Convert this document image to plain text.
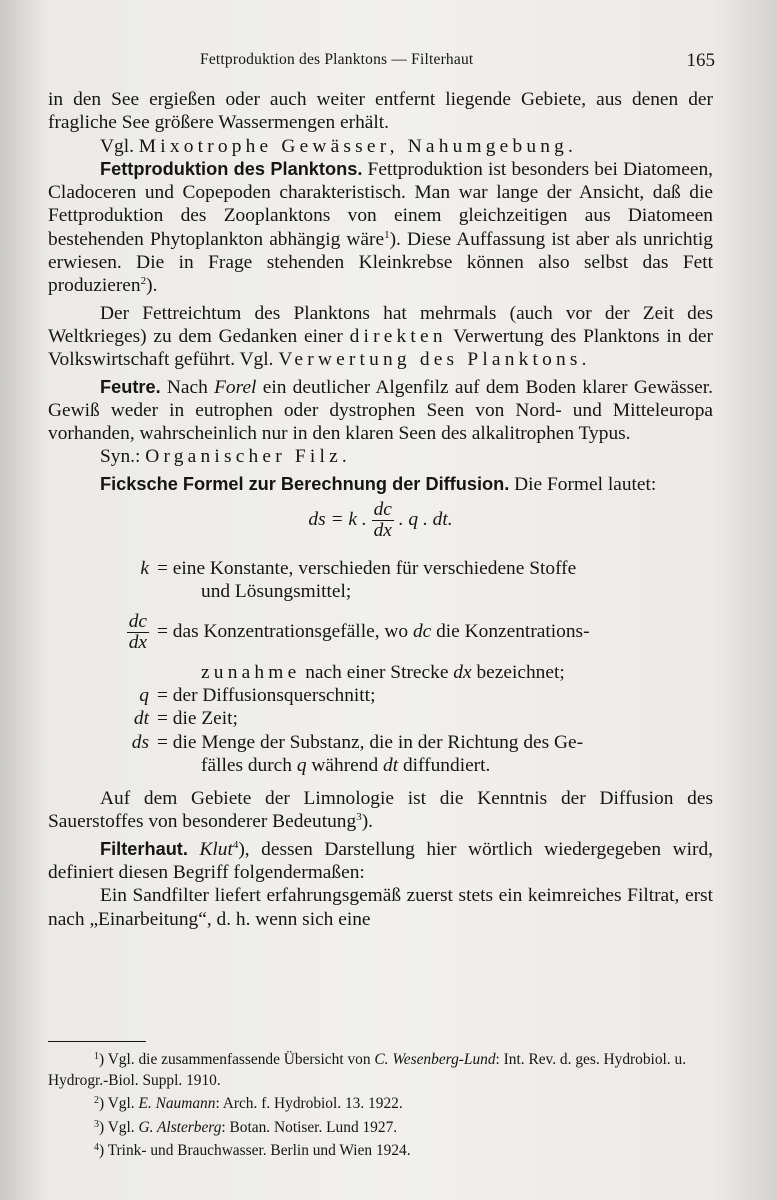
Fettproduktion des Planktons — Filterhaut	165

in den See ergießen oder auch weiter entfernt liegende Gebiete, aus denen der fragliche See größere Wassermengen erhält.

Vgl. Mixotrophe Gewässer, Nahumgebung.

Fettproduktion des Planktons. Fettproduktion ist besonders bei Diatomeen, Cladoceren und Copepoden charakteristisch. Man war lange der Ansicht, daß die Fettproduktion des Zooplanktons von einem gleichzeitigen aus Diatomeen bestehenden Phytoplankton abhängig wäre$^1$). Diese Auffassung ist aber als unrichtig erwiesen. Die in Frage stehenden Kleinkrebse können also selbst das Fett produzieren$^2$).

Der Fettreichtum des Planktons hat mehrmals (auch vor der Zeit des Weltkrieges) zu dem Gedanken einer direkten Verwertung des Planktons in der Volkswirtschaft geführt. Vgl. Verwertung des Planktons.

Feutre. Nach Forel ein deutlicher Algenfilz auf dem Boden klarer Gewässer. Gewiß weder in eutrophen oder dystrophen Seen von Nord- und Mitteleuropa vorhanden, wahrscheinlich nur in den klaren Seen des alkalitrophen Typus.

Syn.: Organischer Filz.

Ficksche Formel zur Berechnung der Diffusion. Die Formel lautet:

ds = k . $\frac{dc}{dx}$ . q . dt.
k = eine Konstante, verschieden für verschiedene Stoffe
und Lösungsmittel;
$\frac{dc}{dx}$ = das Konzentrationsgefälle, wo dc die Konzentrations-
zunahme nach einer Strecke dx bezeichnet;
q = der Diffusionsquerschnitt;
dt = die Zeit;
ds = die Menge der Substanz, die in der Richtung des Ge-
fälles durch q während dt diffundiert.

Auf dem Gebiete der Limnologie ist die Kenntnis der Diffusion des Sauerstoffes von besonderer Bedeutung$^3$).

Filterhaut. Klut$^4$), dessen Darstellung hier wörtlich wiedergegeben wird, definiert diesen Begriff folgendermaßen:

Ein Sandfilter liefert erfahrungsgemäß zuerst stets ein keimreiches Filtrat, erst nach „Einarbeitung“, d. h. wenn sich eine

$^1$) Vgl. die zusammenfassende Übersicht von C. Wesenberg-Lund: Int. Rev. d. ges. Hydrobiol. u. Hydrogr.-Biol. Suppl. 1910.
$^2$) Vgl. E. Naumann: Arch. f. Hydrobiol. 13. 1922.
$^3$) Vgl. G. Alsterberg: Botan. Notiser. Lund 1927.
$^4$) Trink- und Brauchwasser. Berlin und Wien 1924.
